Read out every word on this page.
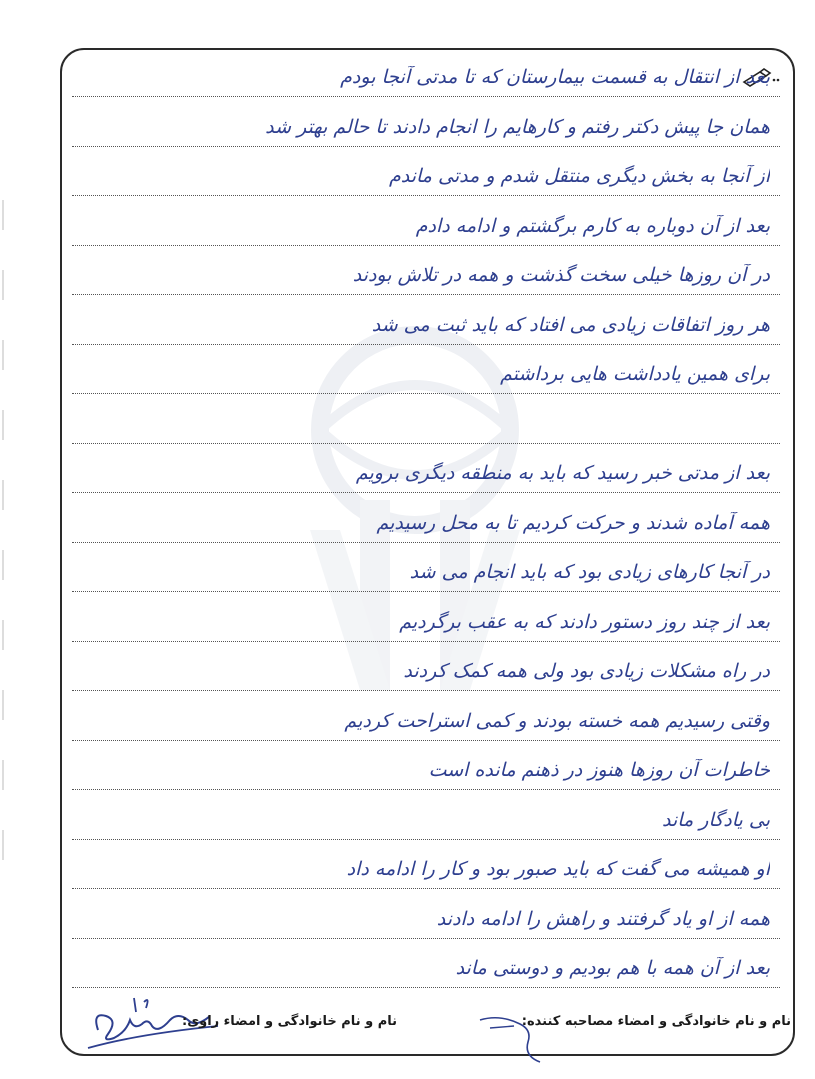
بعد از انتقال به قسمت بیمارستان که تا مدتی آنجا بودم
همان جا پیش دکتر رفتم و کارهایم را انجام دادند تا حالم بهتر شد
از آنجا به بخش دیگری منتقل شدم و مدتی ماندم
بعد از آن دوباره به کارم برگشتم و ادامه دادم
در آن روزها خیلی سخت گذشت و همه در تلاش بودند
هر روز اتفاقات زیادی می افتاد که باید ثبت می شد
برای همین یادداشت هایی برداشتم
بعد از مدتی خبر رسید که باید به منطقه دیگری برویم
همه آماده شدند و حرکت کردیم تا به محل رسیدیم
در آنجا کارهای زیادی بود که باید انجام می شد
بعد از چند روز دستور دادند که به عقب برگردیم
در راه مشکلات زیادی بود ولی همه کمک کردند
وقتی رسیدیم همه خسته بودند و کمی استراحت کردیم
خاطرات آن روزها هنوز در ذهنم مانده است
بی یادگار ماند
او همیشه می گفت که باید صبور بود و کار را ادامه داد
همه از او یاد گرفتند و راهش را ادامه دادند
بعد از آن همه با هم بودیم و دوستی ماند
نام و نام خانوادگی و امضاء راوی:	نام و نام خانوادگی و امضاء مصاحبه کننده:
